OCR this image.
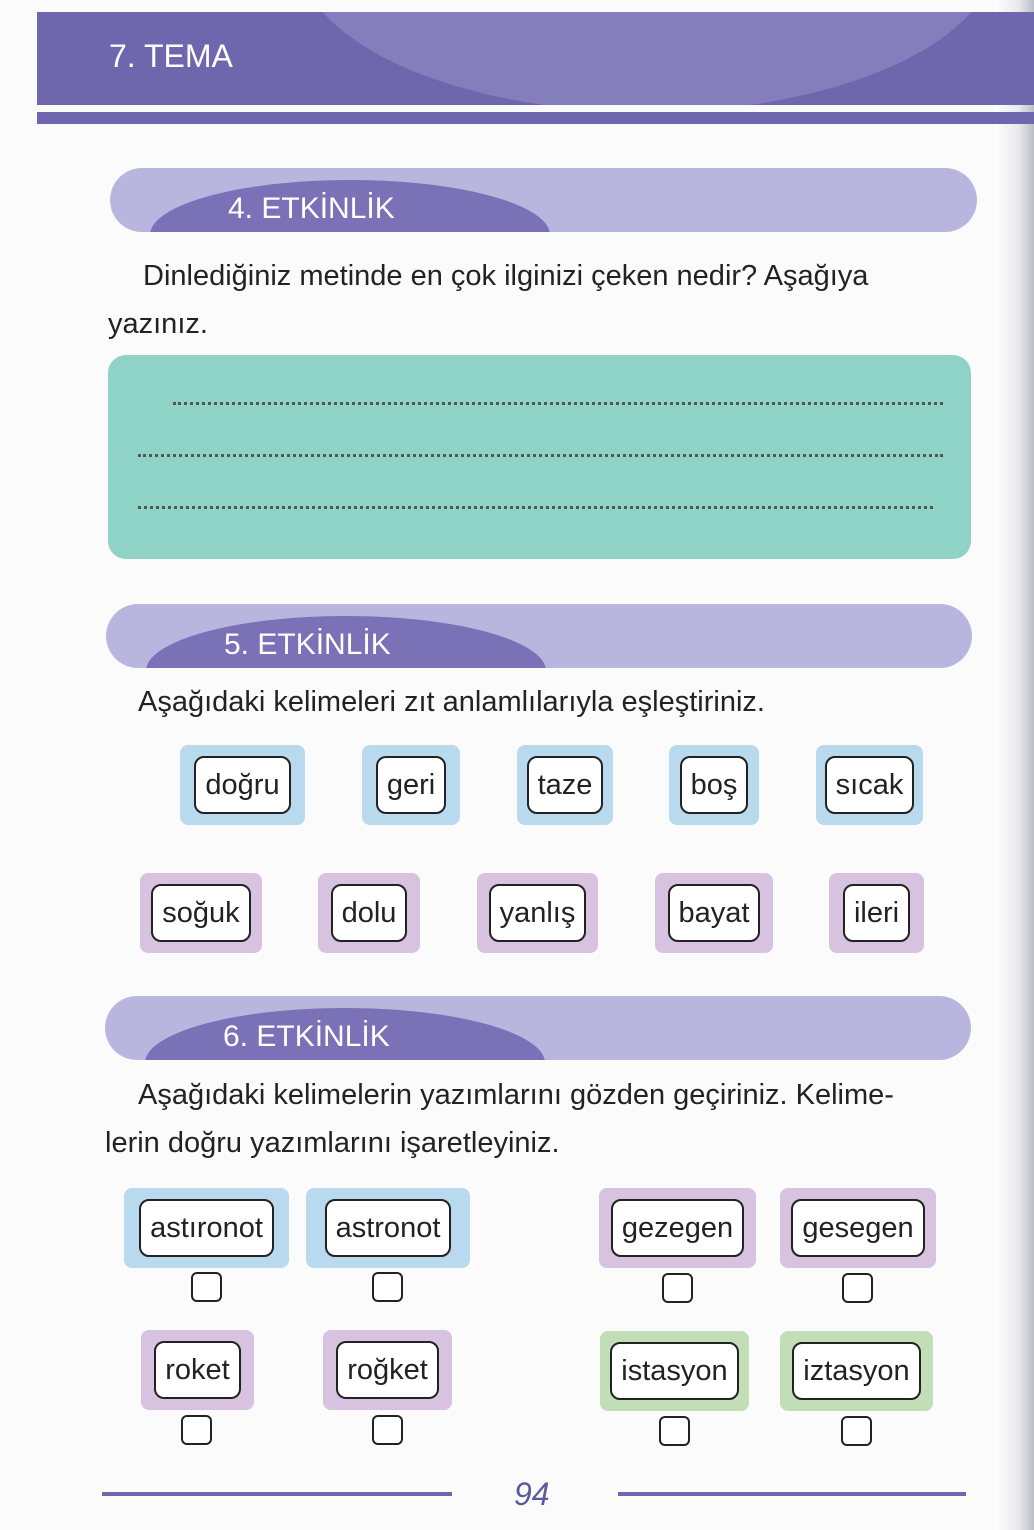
7. TEMA
4. ETKİNLİK
Dinlediğiniz metinde en çok ilginizi çeken nedir? Aşağıya
yazınız.
5. ETKİNLİK
Aşağıdaki kelimeleri zıt anlamlılarıyla eşleştiriniz.
doğru	geri	taze	boş	sıcak
soğuk	dolu	yanlış	bayat	ileri
6. ETKİNLİK
Aşağıdaki kelimelerin yazımlarını gözden geçiriniz. Kelime-
lerin doğru yazımlarını işaretleyiniz.
astıronot	astronot	gezegen	gesegen
roket	roğket	istasyon	iztasyon
94
